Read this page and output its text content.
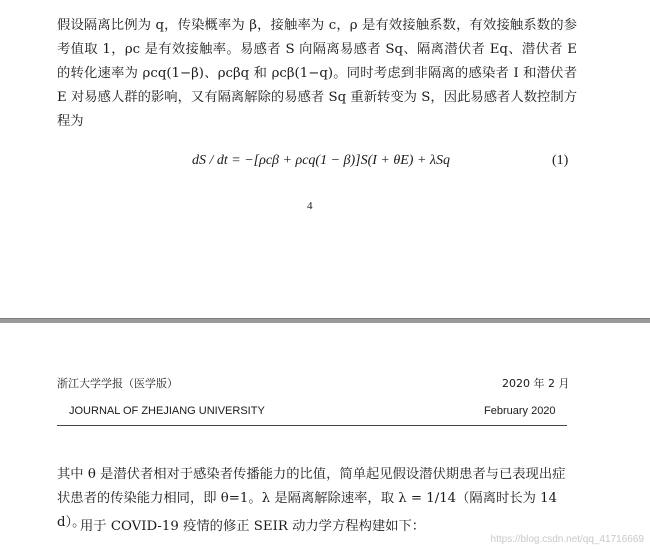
假设隔离比例为 q，传染概率为 β，接触率为 c，ρ 是有效接触系数，有效接触系数的参考值取 1，ρc 是有效接触率。易感者 S 向隔离易感者 Sq、隔离潜伏者 Eq、潜伏者 E 的转化速率为 ρcq(1−β)、ρcβq 和 ρcβ(1−q)。同时考虑到非隔离的感染者 I 和潜伏者 E 对易感人群的影响，又有隔离解除的易感者 Sq 重新转变为 S，因此易感者人数控制方程为

dS / dt = −[ρcβ + ρcq(1 − β)]S(I + θE) + λSq	(1)
4
浙江大学学报（医学版）	2020 年 2 月
JOURNAL OF ZHEJIANG UNIVERSITY	February 2020

其中 θ 是潜伏者相对于感染者传播能力的比值，简单起见假设潜伏期患者与已表现出症状患者的传染能力相同，即 θ=1。λ 是隔离解除速率，取 λ = 1/14（隔离时长为 14 d）。

用于 COVID-19 疫情的修正 SEIR 动力学方程构建如下：

https://blog.csdn.net/qq_41716669
